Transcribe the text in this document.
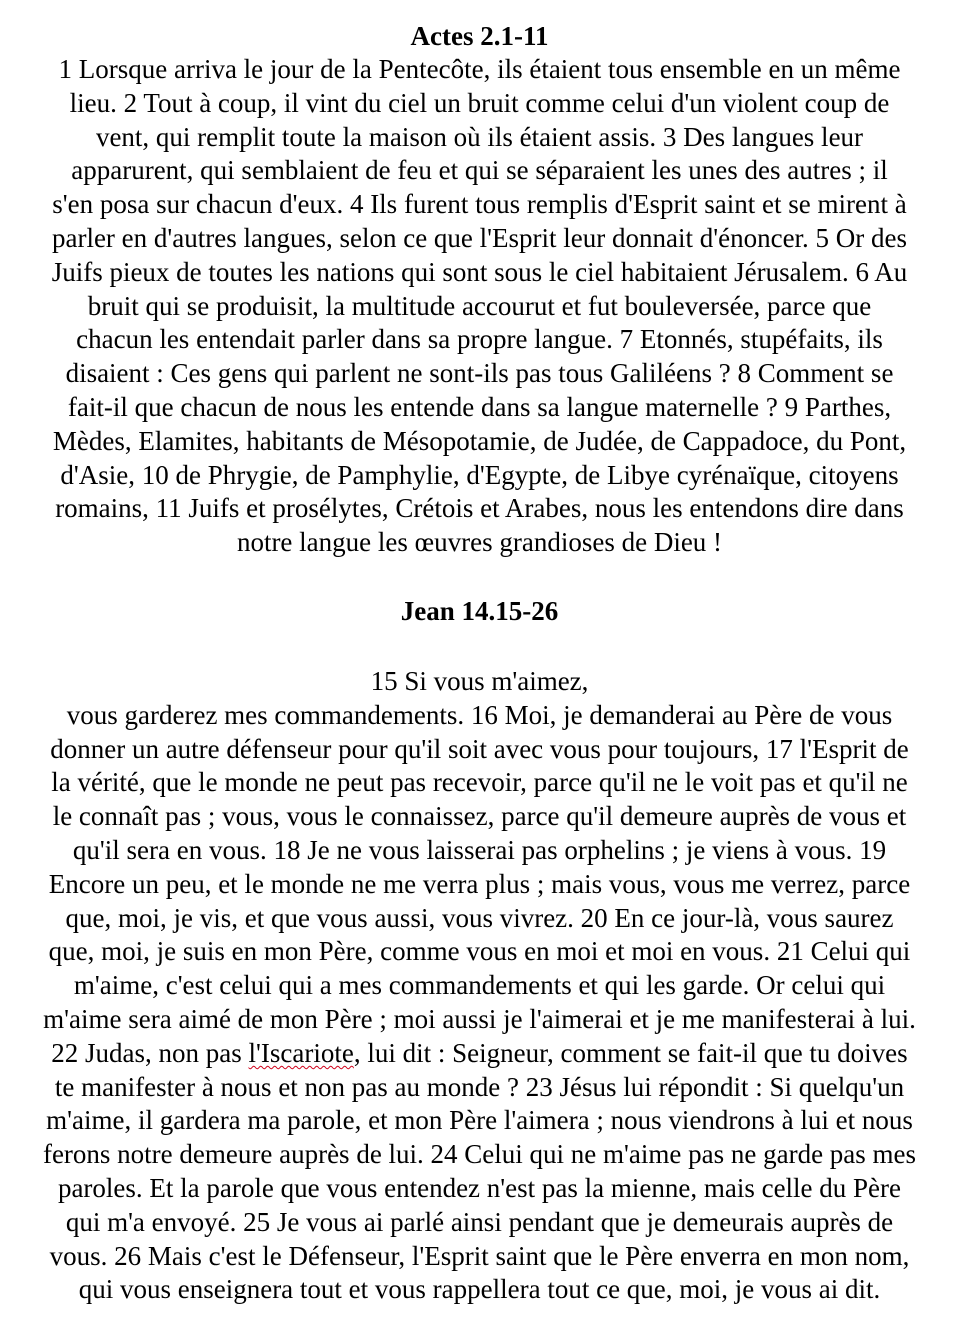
Actes 2.1-11
1 Lorsque arriva le jour de la Pentecôte, ils étaient tous ensemble en un même
lieu. 2 Tout à coup, il vint du ciel un bruit comme celui d'un violent coup de
vent, qui remplit toute la maison où ils étaient assis. 3 Des langues leur
apparurent, qui semblaient de feu et qui se séparaient les unes des autres ; il
s'en posa sur chacun d'eux. 4 Ils furent tous remplis d'Esprit saint et se mirent à
parler en d'autres langues, selon ce que l'Esprit leur donnait d'énoncer. 5 Or des
Juifs pieux de toutes les nations qui sont sous le ciel habitaient Jérusalem. 6 Au
bruit qui se produisit, la multitude accourut et fut bouleversée, parce que
chacun les entendait parler dans sa propre langue. 7 Etonnés, stupéfaits, ils
disaient : Ces gens qui parlent ne sont-ils pas tous Galiléens ? 8 Comment se
fait-il que chacun de nous les entende dans sa langue maternelle ? 9 Parthes,
Mèdes, Elamites, habitants de Mésopotamie, de Judée, de Cappadoce, du Pont,
d'Asie, 10 de Phrygie, de Pamphylie, d'Egypte, de Libye cyrénaïque, citoyens
romains, 11 Juifs et prosélytes, Crétois et Arabes, nous les entendons dire dans
notre langue les œuvres grandioses de Dieu !
Jean 14.15-26
15 Si vous m'aimez,
vous garderez mes commandements. 16 Moi, je demanderai au Père de vous
donner un autre défenseur pour qu'il soit avec vous pour toujours, 17 l'Esprit de
la vérité, que le monde ne peut pas recevoir, parce qu'il ne le voit pas et qu'il ne
le connaît pas ; vous, vous le connaissez, parce qu'il demeure auprès de vous et
qu'il sera en vous. 18 Je ne vous laisserai pas orphelins ; je viens à vous. 19
Encore un peu, et le monde ne me verra plus ; mais vous, vous me verrez, parce
que, moi, je vis, et que vous aussi, vous vivrez. 20 En ce jour-là, vous saurez
que, moi, je suis en mon Père, comme vous en moi et moi en vous. 21 Celui qui
m'aime, c'est celui qui a mes commandements et qui les garde. Or celui qui
m'aime sera aimé de mon Père ; moi aussi je l'aimerai et je me manifesterai à lui.
22 Judas, non pas l'Iscariote, lui dit : Seigneur, comment se fait-il que tu doives
te manifester à nous et non pas au monde ? 23 Jésus lui répondit : Si quelqu'un
m'aime, il gardera ma parole, et mon Père l'aimera ; nous viendrons à lui et nous
ferons notre demeure auprès de lui. 24 Celui qui ne m'aime pas ne garde pas mes
paroles. Et la parole que vous entendez n'est pas la mienne, mais celle du Père
qui m'a envoyé. 25 Je vous ai parlé ainsi pendant que je demeurais auprès de
vous. 26 Mais c'est le Défenseur, l'Esprit saint que le Père enverra en mon nom,
qui vous enseignera tout et vous rappellera tout ce que, moi, je vous ai dit.
